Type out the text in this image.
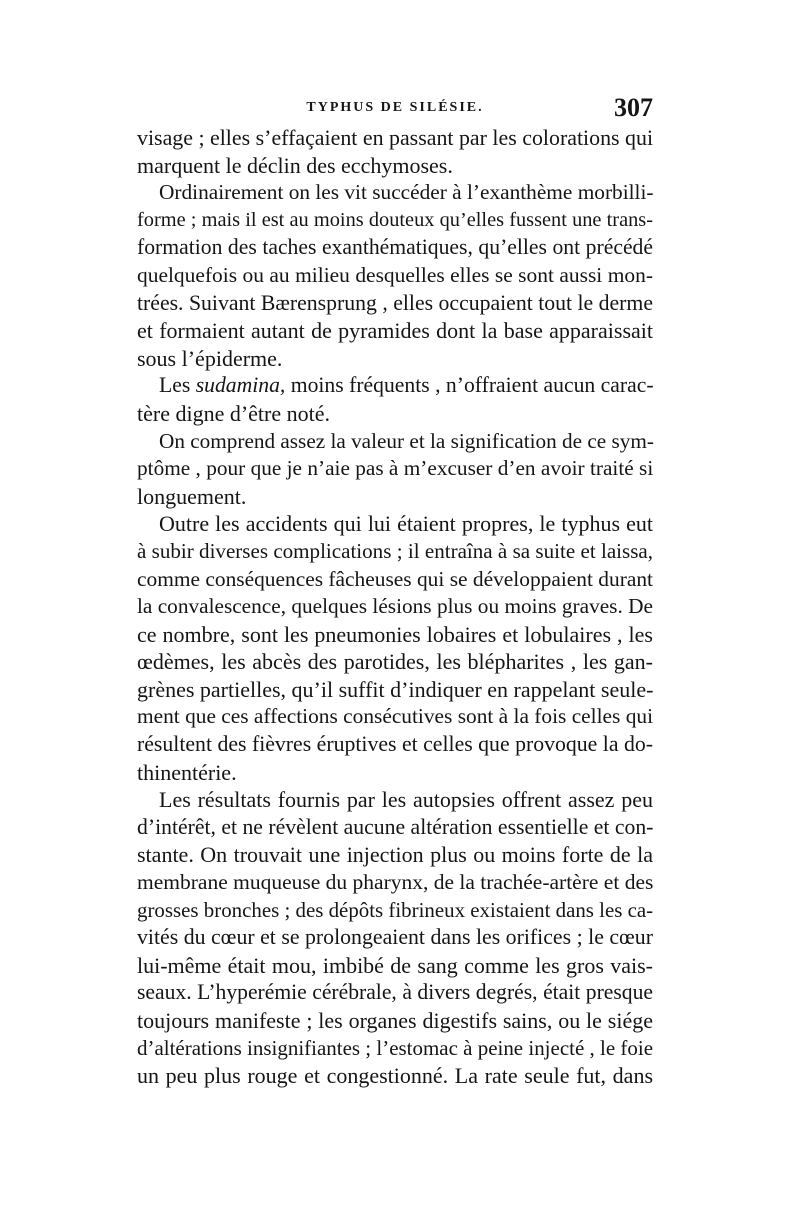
TYPHUS DE SILÉSIE.	307
visage ; elles s’effaçaient en passant par les colorations qui
marquent le déclin des ecchymoses.
Ordinairement on les vit succéder à l’exanthème morbilli-
forme ; mais il est au moins douteux qu’elles fussent une trans-
formation des taches exanthématiques, qu’elles ont précédé
quelquefois ou au milieu desquelles elles se sont aussi mon-
trées. Suivant Bærensprung , elles occupaient tout le derme
et formaient autant de pyramides dont la base apparaissait
sous l’épiderme.
Les sudamina, moins fréquents , n’offraient aucun carac-
tère digne d’être noté.
On comprend assez la valeur et la signification de ce sym-
ptôme , pour que je n’aie pas à m’excuser d’en avoir traité si
longuement.
Outre les accidents qui lui étaient propres, le typhus eut
à subir diverses complications ; il entraîna à sa suite et laissa,
comme conséquences fâcheuses qui se développaient durant
la convalescence, quelques lésions plus ou moins graves. De
ce nombre, sont les pneumonies lobaires et lobulaires , les
œdèmes, les abcès des parotides, les blépharites , les gan-
grènes partielles, qu’il suffit d’indiquer en rappelant seule-
ment que ces affections consécutives sont à la fois celles qui
résultent des fièvres éruptives et celles que provoque la do-
thinentérie.
Les résultats fournis par les autopsies offrent assez peu
d’intérêt, et ne révèlent aucune altération essentielle et con-
stante. On trouvait une injection plus ou moins forte de la
membrane muqueuse du pharynx, de la trachée-artère et des
grosses bronches ; des dépôts fibrineux existaient dans les ca-
vités du cœur et se prolongeaient dans les orifices ; le cœur
lui-même était mou, imbibé de sang comme les gros vais-
seaux. L’hyperémie cérébrale, à divers degrés, était presque
toujours manifeste ; les organes digestifs sains, ou le siége
d’altérations insignifiantes ; l’estomac à peine injecté , le foie
un peu plus rouge et congestionné. La rate seule fut, dans
